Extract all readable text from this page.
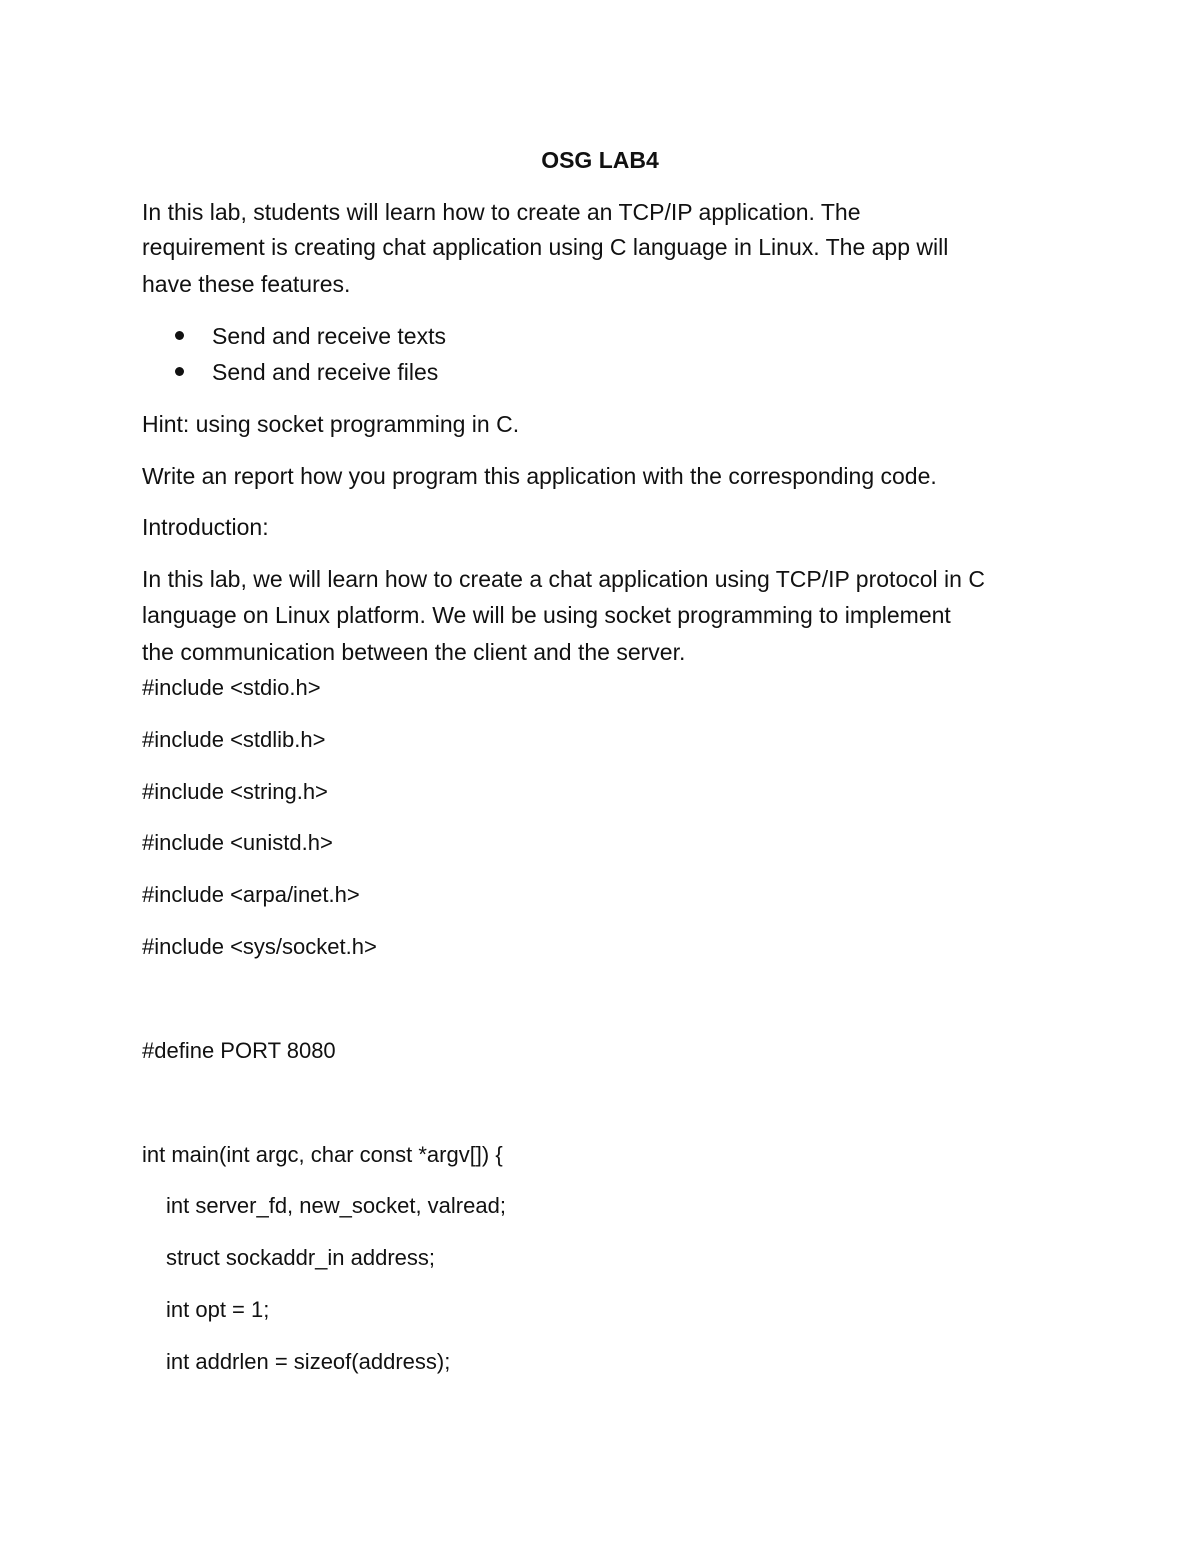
OSG LAB4

In this lab, students will learn how to create an TCP/IP application. The

requirement is creating chat application using C language in Linux. The app will

have these features.

Send and receive texts

Send and receive files

Hint: using socket programming in C.

Write an report how you program this application with the corresponding code.

Introduction:

In this lab, we will learn how to create a chat application using TCP/IP protocol in C

language on Linux platform. We will be using socket programming to implement

the communication between the client and the server.

#include <stdio.h>

#include <stdlib.h>

#include <string.h>

#include <unistd.h>

#include <arpa/inet.h>

#include <sys/socket.h>

#define PORT 8080

int main(int argc, char const *argv[]) {

int server_fd, new_socket, valread;

struct sockaddr_in address;

int opt = 1;

int addrlen = sizeof(address);
